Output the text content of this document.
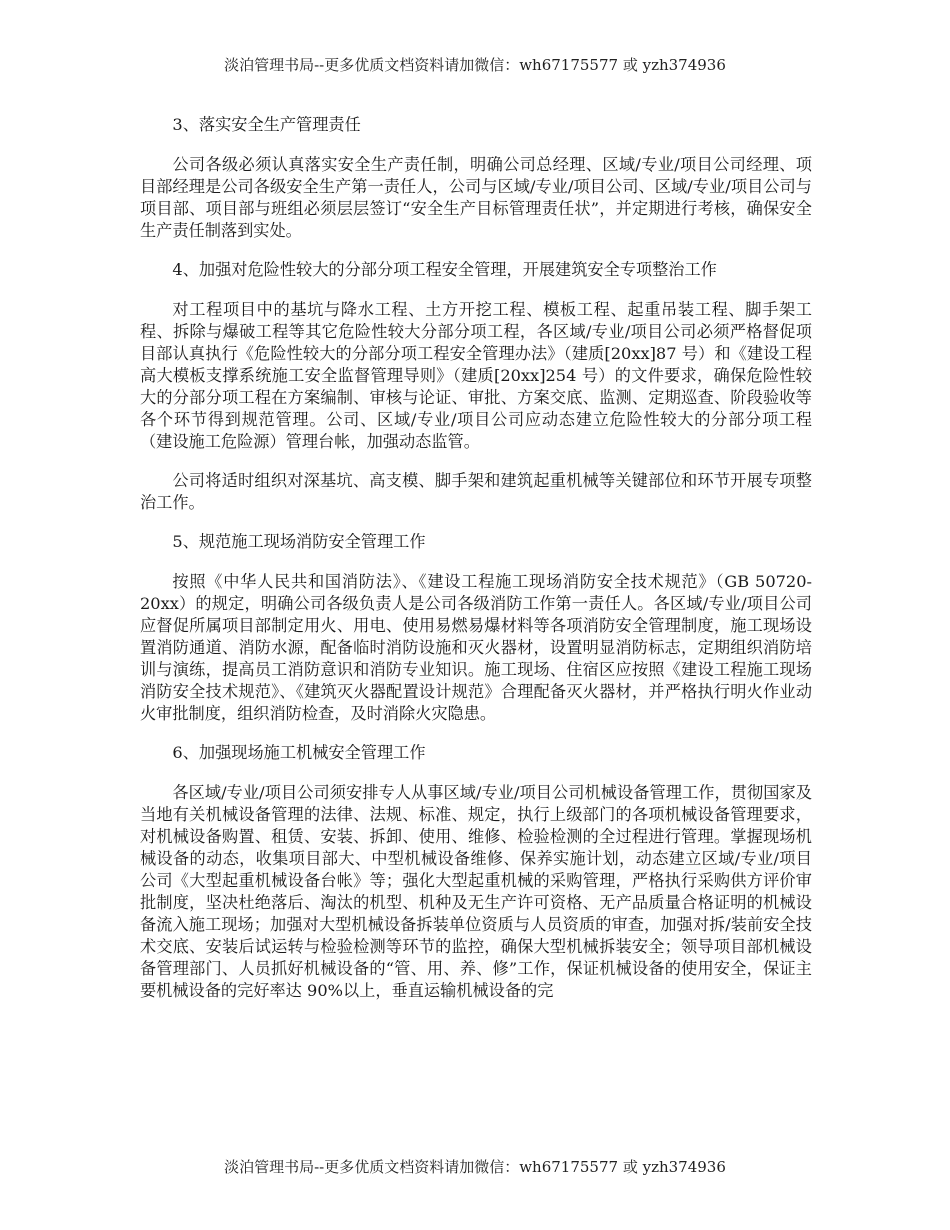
淡泊管理书局--更多优质文档资料请加微信：wh67175577 或 yzh374936

3、落实安全生产管理责任

公司各级必须认真落实安全生产责任制，明确公司总经理、区域/专业/项目公司经理、项目部经理是公司各级安全生产第一责任人，公司与区域/专业/项目公司、区域/专业/项目公司与项目部、项目部与班组必须层层签订“安全生产目标管理责任状”，并定期进行考核，确保安全生产责任制落到实处。

4、加强对危险性较大的分部分项工程安全管理，开展建筑安全专项整治工作

对工程项目中的基坑与降水工程、土方开挖工程、模板工程、起重吊装工程、脚手架工程、拆除与爆破工程等其它危险性较大分部分项工程，各区域/专业/项目公司必须严格督促项目部认真执行《危险性较大的分部分项工程安全管理办法》（建质[20xx]87 号）和《建设工程高大模板支撑系统施工安全监督管理导则》（建质[20xx]254 号）的文件要求，确保危险性较大的分部分项工程在方案编制、审核与论证、审批、方案交底、监测、定期巡查、阶段验收等各个环节得到规范管理。公司、区域/专业/项目公司应动态建立危险性较大的分部分项工程（建设施工危险源）管理台帐，加强动态监管。

公司将适时组织对深基坑、高支模、脚手架和建筑起重机械等关键部位和环节开展专项整治工作。

5、规范施工现场消防安全管理工作

按照《中华人民共和国消防法》、《建设工程施工现场消防安全技术规范》（GB 50720-20xx）的规定，明确公司各级负责人是公司各级消防工作第一责任人。各区域/专业/项目公司应督促所属项目部制定用火、用电、使用易燃易爆材料等各项消防安全管理制度，施工现场设置消防通道、消防水源，配备临时消防设施和灭火器材，设置明显消防标志，定期组织消防培训与演练，提高员工消防意识和消防专业知识。施工现场、住宿区应按照《建设工程施工现场消防安全技术规范》、《建筑灭火器配置设计规范》合理配备灭火器材，并严格执行明火作业动火审批制度，组织消防检查，及时消除火灾隐患。

6、加强现场施工机械安全管理工作

各区域/专业/项目公司须安排专人从事区域/专业/项目公司机械设备管理工作，贯彻国家及当地有关机械设备管理的法律、法规、标准、规定，执行上级部门的各项机械设备管理要求，对机械设备购置、租赁、安装、拆卸、使用、维修、检验检测的全过程进行管理。掌握现场机械设备的动态，收集项目部大、中型机械设备维修、保养实施计划，动态建立区域/专业/项目公司《大型起重机械设备台帐》等；强化大型起重机械的采购管理，严格执行采购供方评价审批制度，坚决杜绝落后、淘汰的机型、机种及无生产许可资格、无产品质量合格证明的机械设备流入施工现场；加强对大型机械设备拆装单位资质与人员资质的审查，加强对拆/装前安全技术交底、安装后试运转与检验检测等环节的监控，确保大型机械拆装安全；领导项目部机械设备管理部门、人员抓好机械设备的“管、用、养、修”工作，保证机械设备的使用安全，保证主要机械设备的完好率达 90%以上，垂直运输机械设备的完

淡泊管理书局--更多优质文档资料请加微信：wh67175577 或 yzh374936
